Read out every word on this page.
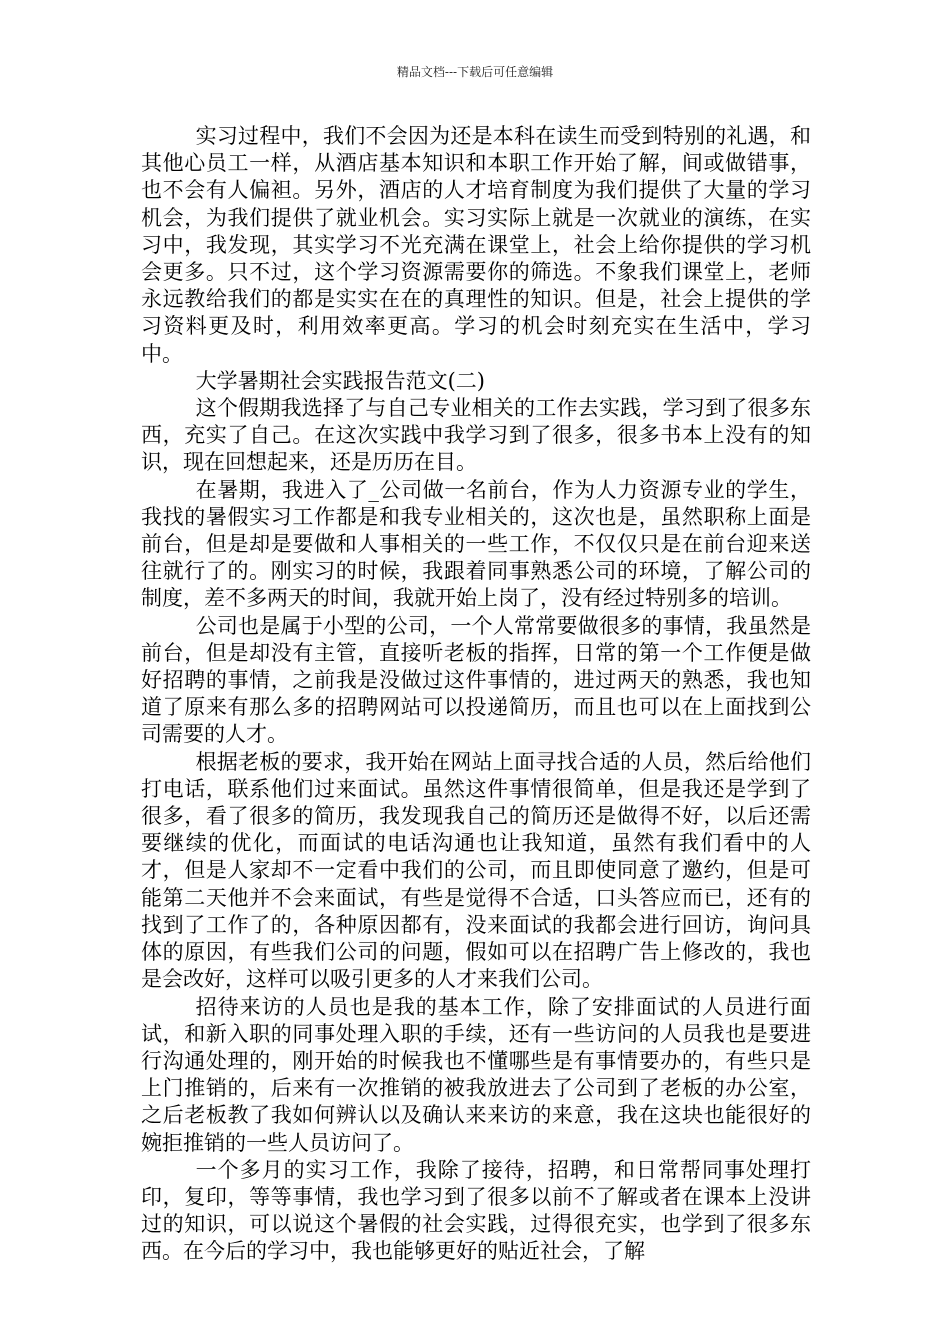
精品文档---下载后可任意编辑

实习过程中，我们不会因为还是本科在读生而受到特别的礼遇，和其他心员工一样，从酒店基本知识和本职工作开始了解，间或做错事，也不会有人偏袒。另外，酒店的人才培育制度为我们提供了大量的学习机会，为我们提供了就业机会。实习实际上就是一次就业的演练，在实习中，我发现，其实学习不光充满在课堂上，社会上给你提供的学习机会更多。只不过，这个学习资源需要你的筛选。不象我们课堂上，老师永远教给我们的都是实实在在的真理性的知识。但是，社会上提供的学习资料更及时，利用效率更高。学习的机会时刻充实在生活中，学习中。

大学暑期社会实践报告范文(二)

这个假期我选择了与自己专业相关的工作去实践，学习到了很多东西，充实了自己。在这次实践中我学习到了很多，很多书本上没有的知识，现在回想起来，还是历历在目。

在暑期，我进入了_公司做一名前台，作为人力资源专业的学生，我找的暑假实习工作都是和我专业相关的，这次也是，虽然职称上面是前台，但是却是要做和人事相关的一些工作，不仅仅只是在前台迎来送往就行了的。刚实习的时候，我跟着同事熟悉公司的环境，了解公司的制度，差不多两天的时间，我就开始上岗了，没有经过特别多的培训。

公司也是属于小型的公司，一个人常常要做很多的事情，我虽然是前台，但是却没有主管，直接听老板的指挥，日常的第一个工作便是做好招聘的事情，之前我是没做过这件事情的，进过两天的熟悉，我也知道了原来有那么多的招聘网站可以投递简历，而且也可以在上面找到公司需要的人才。

根据老板的要求，我开始在网站上面寻找合适的人员，然后给他们打电话，联系他们过来面试。虽然这件事情很简单，但是我还是学到了很多，看了很多的简历，我发现我自己的简历还是做得不好，以后还需要继续的优化，而面试的电话沟通也让我知道，虽然有我们看中的人才，但是人家却不一定看中我们的公司，而且即使同意了邀约，但是可能第二天他并不会来面试，有些是觉得不合适，口头答应而已，还有的找到了工作了的，各种原因都有，没来面试的我都会进行回访，询问具体的原因，有些我们公司的问题，假如可以在招聘广告上修改的，我也是会改好，这样可以吸引更多的人才来我们公司。

招待来访的人员也是我的基本工作，除了安排面试的人员进行面试，和新入职的同事处理入职的手续，还有一些访问的人员我也是要进行沟通处理的，刚开始的时候我也不懂哪些是有事情要办的，有些只是上门推销的，后来有一次推销的被我放进去了公司到了老板的办公室，之后老板教了我如何辨认以及确认来来访的来意，我在这块也能很好的婉拒推销的一些人员访问了。

一个多月的实习工作，我除了接待，招聘，和日常帮同事处理打印，复印，等等事情，我也学习到了很多以前不了解或者在课本上没讲过的知识，可以说这个暑假的社会实践，过得很充实，也学到了很多东西。在今后的学习中，我也能够更好的贴近社会，了解
